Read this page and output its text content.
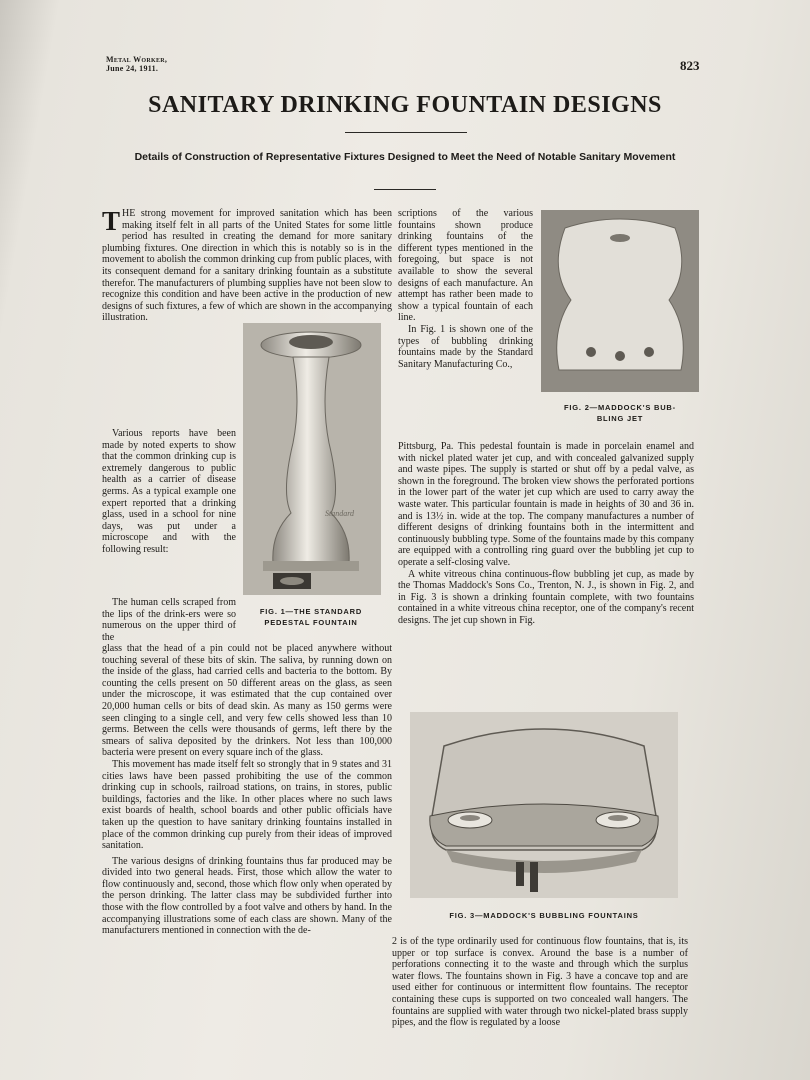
Metal Worker,
June 24, 1911.	823
SANITARY DRINKING FOUNTAIN DESIGNS
Details of Construction of Representative Fixtures Designed to Meet the Need of Notable Sanitary Movement
T HE strong movement for improved sanitation which has been making itself felt in all parts of the United States for some little period has resulted in creating the demand for more sanitary plumbing fixtures. One direction in which this is notably so is in the movement to abolish the common drinking cup from public places, with its consequent demand for a sanitary drinking fountain as a substitute therefor. The manufacturers of plumbing supplies have not been slow to recognize this condition and have been active in the production of new designs of such fixtures, a few of which are shown in the accompanying illustration.

Various reports have been made by noted experts to show that the common drinking cup is extremely dangerous to public health as a carrier of disease germs. As a typical example one expert reported that a drinking glass, used in a school for nine days, was put under a microscope and with the following result:

Standard
FIG. 1—THE STANDARD
PEDESTAL FOUNTAIN

The human cells scraped from the lips of the drink-ers were so numerous on the upper third of the

glass that the head of a pin could not be placed anywhere without touching several of these bits of skin. The saliva, by running down on the inside of the glass, had carried cells and bacteria to the bottom. By counting the cells present on 50 different areas on the glass, as seen under the microscope, it was estimated that the cup contained over 20,000 human cells or bits of dead skin. As many as 150 germs were seen clinging to a single cell, and very few cells showed less than 10 germs. Between the cells were thousands of germs, left there by the smears of saliva deposited by the drinkers. Not less than 100,000 bacteria were present on every square inch of the glass.

This movement has made itself felt so strongly that in 9 states and 31 cities laws have been passed prohibiting the use of the common drinking cup in schools, railroad stations, on trains, in stores, public buildings, factories and the like. In other places where no such laws exist boards of health, school boards and other public officials have taken up the question to have sanitary drinking fountains installed in place of the common drinking cup purely from their ideas of improved sanitation.

The various designs of drinking fountains thus far produced may be divided into two general heads. First, those which allow the water to flow continuously and, second, those which flow only when operated by the person drinking. The latter class may be subdivided further into those with the flow controlled by a foot valve and others by hand. In the accompanying illustrations some of each class are shown. Many of the manufacturers mentioned in connection with the de-

scriptions of the various fountains shown produce drinking fountains of the different types mentioned in the foregoing, but space is not available to show the several designs of each manufacture. An attempt has rather been made to show a typical fountain of each line.

In Fig. 1 is shown one of the types of bubbling drinking fountains made by the Standard Sanitary Manufacturing Co.,

FIG. 2—MADDOCK'S BUB-
BLING JET

Pittsburg, Pa. This pedestal fountain is made in porcelain enamel and with nickel plated water jet cup, and with concealed galvanized supply and waste pipes. The supply is started or shut off by a pedal valve, as shown in the foreground. The broken view shows the perforated portions in the lower part of the water jet cup which are used to carry away the waste water. This particular fountain is made in heights of 30 and 36 in. and is 13½ in. wide at the top. The company manufactures a number of different designs of drinking fountains both in the intermittent and continuously bubbling type. Some of the fountains made by this company are equipped with a controlling ring guard over the bubbling jet cup to operate a self-closing valve.

A white vitreous china continuous-flow bubbling jet cup, as made by the Thomas Maddock's Sons Co., Trenton, N. J., is shown in Fig. 2, and in Fig. 3 is shown a drinking fountain complete, with two fountains contained in a white vitreous china receptor, one of the company's recent designs. The jet cup shown in Fig.

FIG. 3—MADDOCK'S BUBBLING FOUNTAINS

2 is of the type ordinarily used for continuous flow fountains, that is, its upper or top surface is convex. Around the base is a number of perforations connecting it to the waste and through which the surplus water flows. The fountains shown in Fig. 3 have a concave top and are used either for continuous or intermittent flow fountains. The receptor containing these cups is supported on two concealed wall hangers. The fountains are supplied with water through two nickel-plated brass supply pipes, and the flow is regulated by a loose
